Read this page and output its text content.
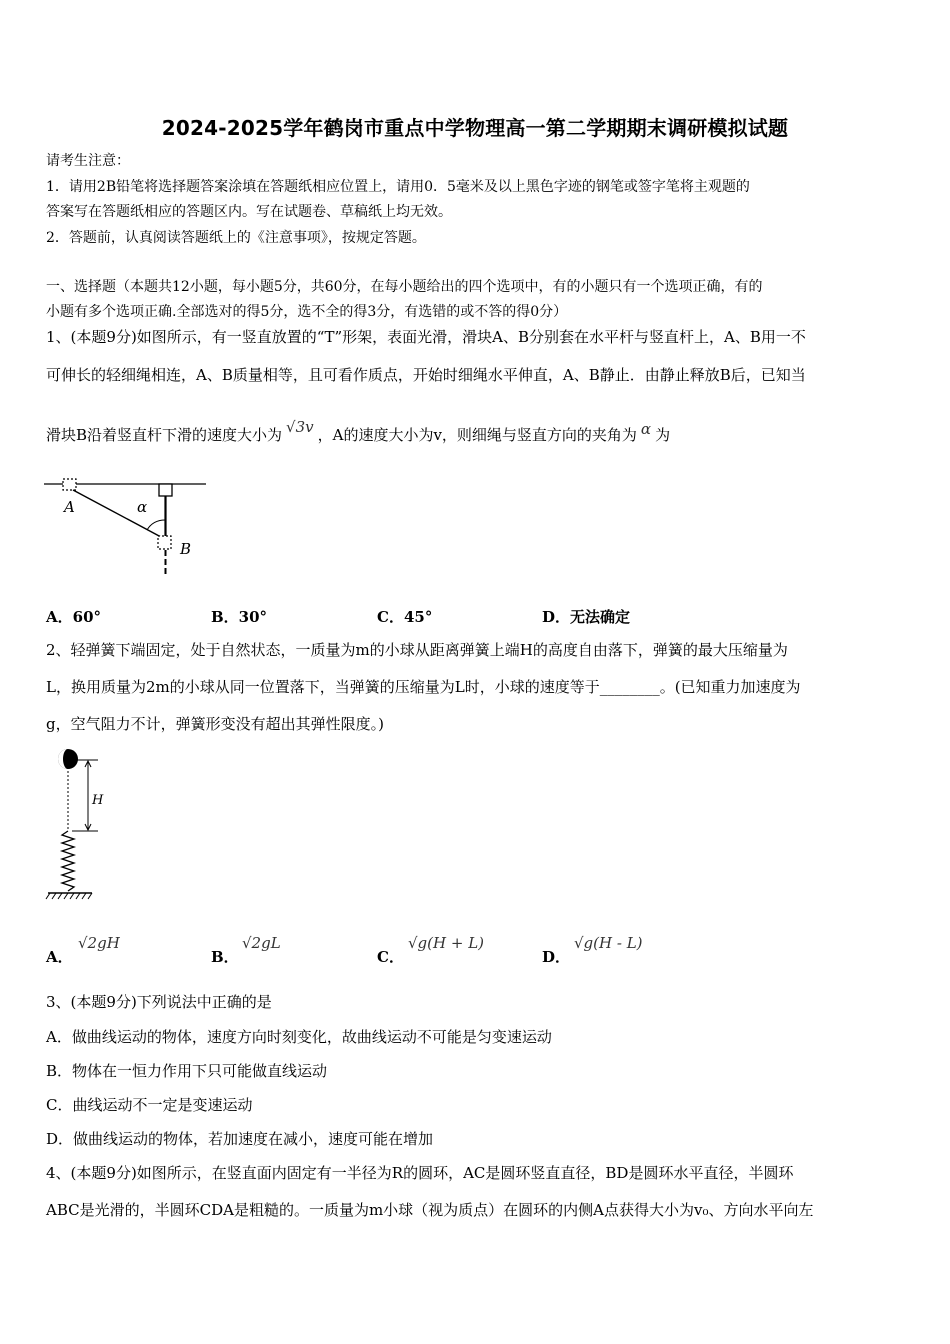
2024-2025学年鹤岗市重点中学物理高一第二学期期末调研模拟试题
请考生注意：
1．请用2B铅笔将选择题答案涂填在答题纸相应位置上，请用0．5毫米及以上黑色字迹的钢笔或签字笔将主观题的
答案写在答题纸相应的答题区内。写在试题卷、草稿纸上均无效。
2．答题前，认真阅读答题纸上的《注意事项》，按规定答题。
一、选择题（本题共12小题，每小题5分，共60分，在每小题给出的四个选项中，有的小题只有一个选项正确，有的
小题有多个选项正确.全部选对的得5分，选不全的得3分，有选错的或不答的得0分）
1、(本题9分)如图所示，有一竖直放置的“T”形架，表面光滑，滑块A、B分别套在水平杆与竖直杆上，A、B用一不
可伸长的轻细绳相连，A、B质量相等，且可看作质点，开始时细绳水平伸直，A、B静止．由静止释放B后，已知当
滑块B沿着竖直杆下滑的速度大小为 √3v ，A的速度大小为v，则细绳与竖直方向的夹角为 α 为
A
B
α
A．60°	B．30°	C．45°	D．无法确定
2、轻弹簧下端固定，处于自然状态，一质量为m的小球从距离弹簧上端H的高度自由落下，弹簧的最大压缩量为
L，换用质量为2m的小球从同一位置落下，当弹簧的压缩量为L时，小球的速度等于________。(已知重力加速度为
g，空气阻力不计，弹簧形变没有超出其弹性限度。)
H
A．
√2gH
B．
√2gL
C．
√g(H + L)
D．
√g(H - L)
3、(本题9分)下列说法中正确的是
A．做曲线运动的物体，速度方向时刻变化，故曲线运动不可能是匀变速运动
B．物体在一恒力作用下只可能做直线运动
C．曲线运动不一定是变速运动
D．做曲线运动的物体，若加速度在减小，速度可能在增加
4、(本题9分)如图所示，在竖直面内固定有一半径为R的圆环，AC是圆环竖直直径，BD是圆环水平直径，半圆环
ABC是光滑的，半圆环CDA是粗糙的。一质量为m小球（视为质点）在圆环的内侧A点获得大小为v₀、方向水平向左
